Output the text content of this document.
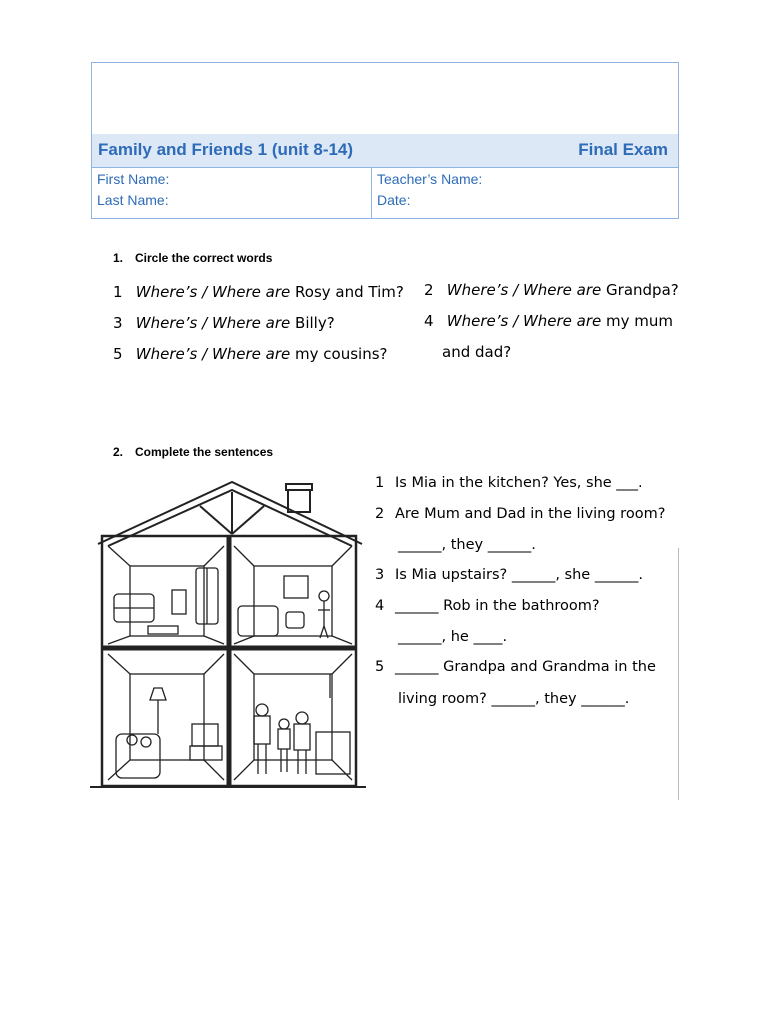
Family and Friends 1 (unit 8-14)	Final Exam
First Name:
Last Name:
Teacher’s Name:
Date:
1. Circle the correct words
1 Where’s / Where are Rosy and Tim? 2 Where’s / Where are Grandpa?
3 Where’s / Where are Billy?	4 Where’s / Where are my mum
and dad?
5 Where’s / Where are my cousins?
2. Complete the sentences
1 Is Mia in the kitchen? Yes, she ___.
2 Are Mum and Dad in the living room?
______, they ______.
3 Is Mia upstairs? ______, she ______.
4 ______ Rob in the bathroom?
______, he ____.
5 ______ Grandpa and Grandma in the
living room? ______, they ______.
